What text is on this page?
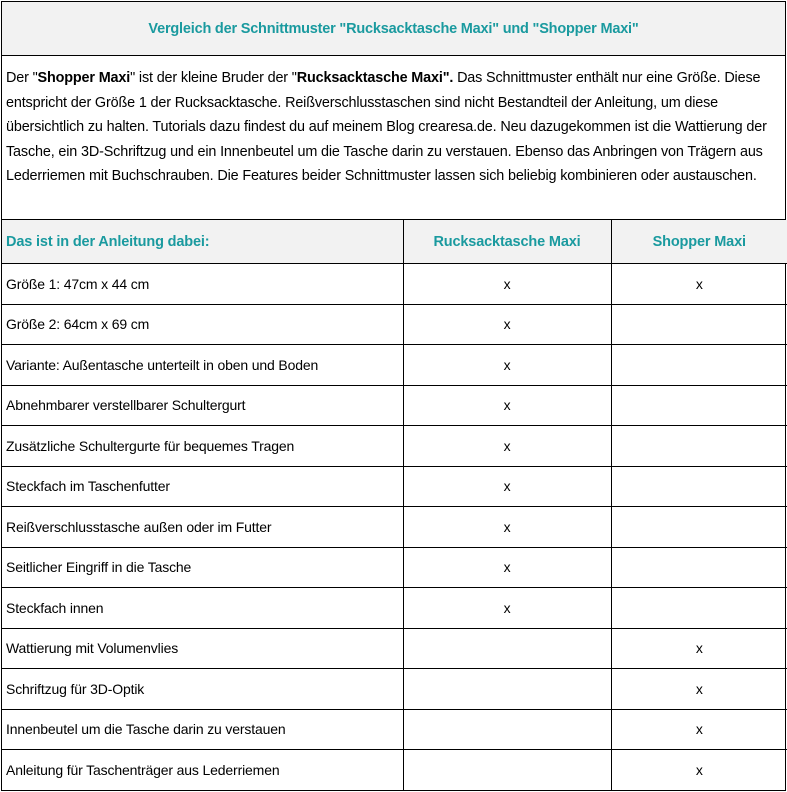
Vergleich der Schnittmuster "Rucksacktasche Maxi" und "Shopper Maxi"
Der "Shopper Maxi" ist der kleine Bruder der "Rucksacktasche Maxi". Das Schnittmuster enthält nur eine Größe. Diese entspricht der Größe 1 der Rucksacktasche. Reißverschlusstaschen sind nicht Bestandteil der Anleitung, um diese übersichtlich zu halten. Tutorials dazu findest du auf meinem Blog crearesa.de. Neu dazugekommen ist die Wattierung der Tasche, ein 3D-Schriftzug und ein Innenbeutel um die Tasche darin zu verstauen. Ebenso das Anbringen von Trägern aus Lederriemen mit Buchschrauben. Die Features beider Schnittmuster lassen sich beliebig kombinieren oder austauschen.
Das ist in der Anleitung dabei:	Rucksacktasche Maxi	Shopper Maxi
Größe 1: 47cm x 44 cm	x	x
Größe 2: 64cm x 69 cm	x	
Variante: Außentasche unterteilt in oben und Boden	x	
Abnehmbarer verstellbarer Schultergurt	x	
Zusätzliche Schultergurte für bequemes Tragen	x	
Steckfach im Taschenfutter	x	
Reißverschlusstasche außen oder im Futter	x	
Seitlicher Eingriff in die Tasche	x	
Steckfach innen	x	
Wattierung mit Volumenvlies		x
Schriftzug für 3D-Optik		x
Innenbeutel um die Tasche darin zu verstauen		x
Anleitung für Taschenträger aus Lederriemen		x
